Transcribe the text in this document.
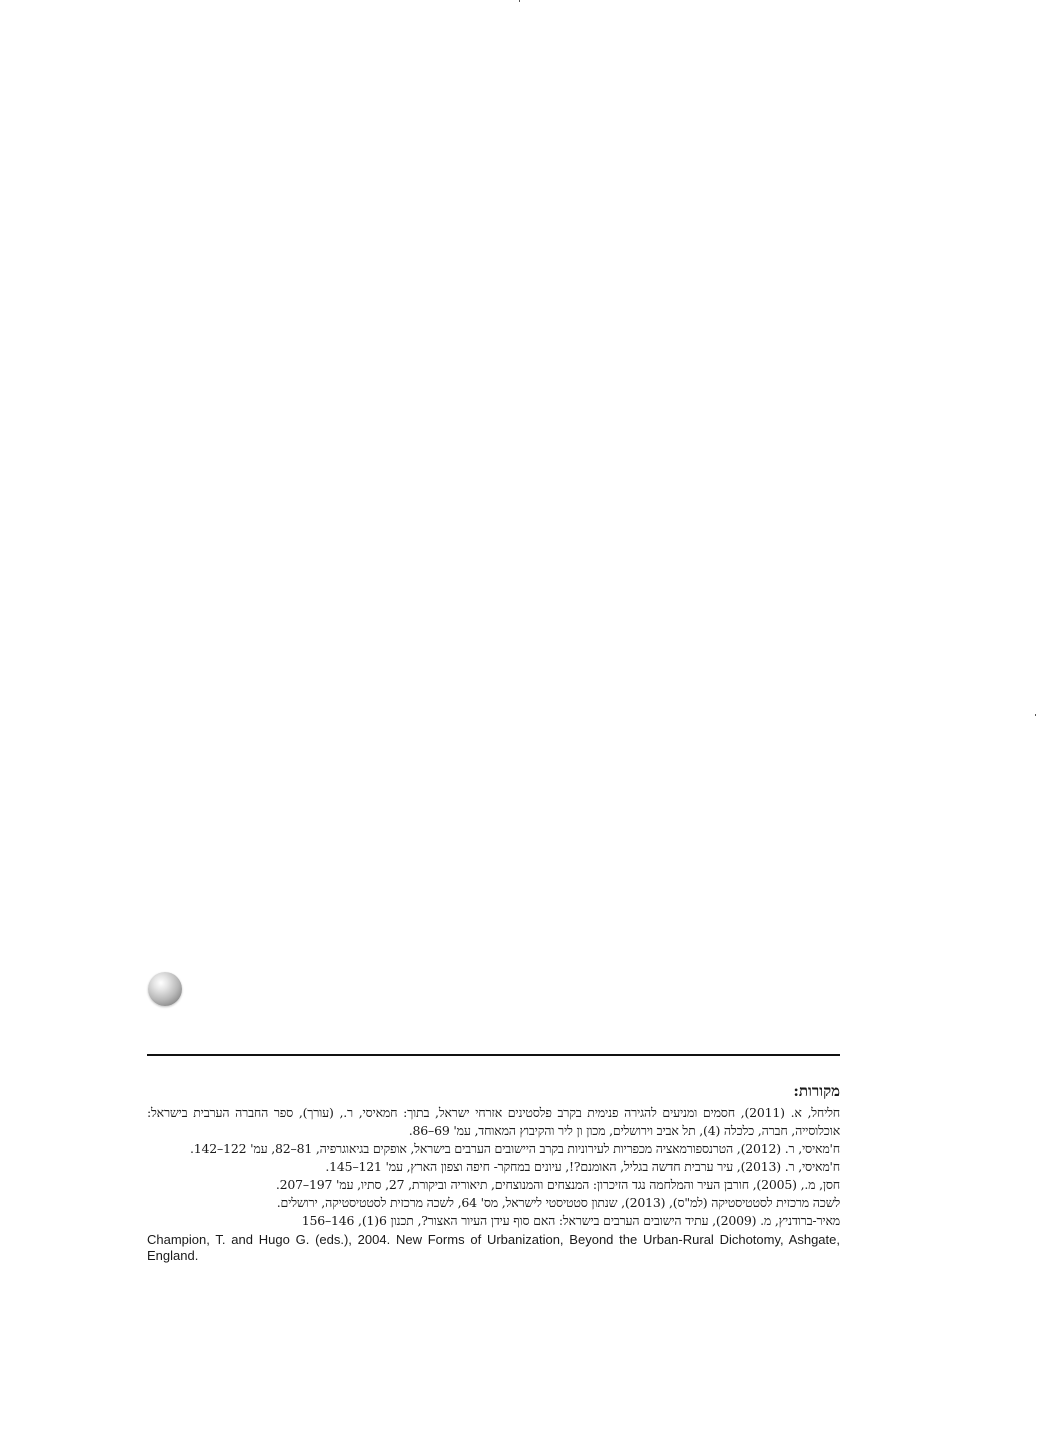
מקורות:
חליחל, א. (2011), חסמים ומניעים להגירה פנימית בקרב פלסטינים אזרחי ישראל, בתוך: חמאיסי, ר., (עורך), ספר החברה הערבית בישראל: אוכלוסייה, חברה, כלכלה (4), תל אביב וירושלים, מכון ון ליר והקיבוץ המאוחד, עמ' 69–86.
ח'מאיסי, ר. (2012), הטרנספורמאציה מכפריות לעירוניות בקרב היישובים הערבים בישראל, אופקים בגיאוגרפיה, 81–82, עמ' 122–142.
ח'מאיסי, ר. (2013), עיר ערבית חדשה בגליל, האומנם?!, עיונים במחקר- חיפה וצפון הארץ, עמ' 121–145.
חסן, מ., (2005), חורבן העיר והמלחמה נגד הזיכרון: המנצחים והמנוצחים, תיאוריה וביקורת, 27, סתיו, עמ' 197–207.
לשכה מרכזית לסטטיסטיקה (למ"ס), (2013), שנתון סטטיסטי לישראל, מס' 64, לשכה מרכזית לסטטיסטיקה, ירושלים.
מאיר-ברודניץ, מ. (2009), עתיד הישובים הערבים בישראל: האם סוף עידן העיור האצור?, תכנון 6(1), 146–156
Champion, T. and Hugo G. (eds.), 2004. New Forms of Urbanization, Beyond the Urban-Rural Dichotomy, Ashgate, England.
